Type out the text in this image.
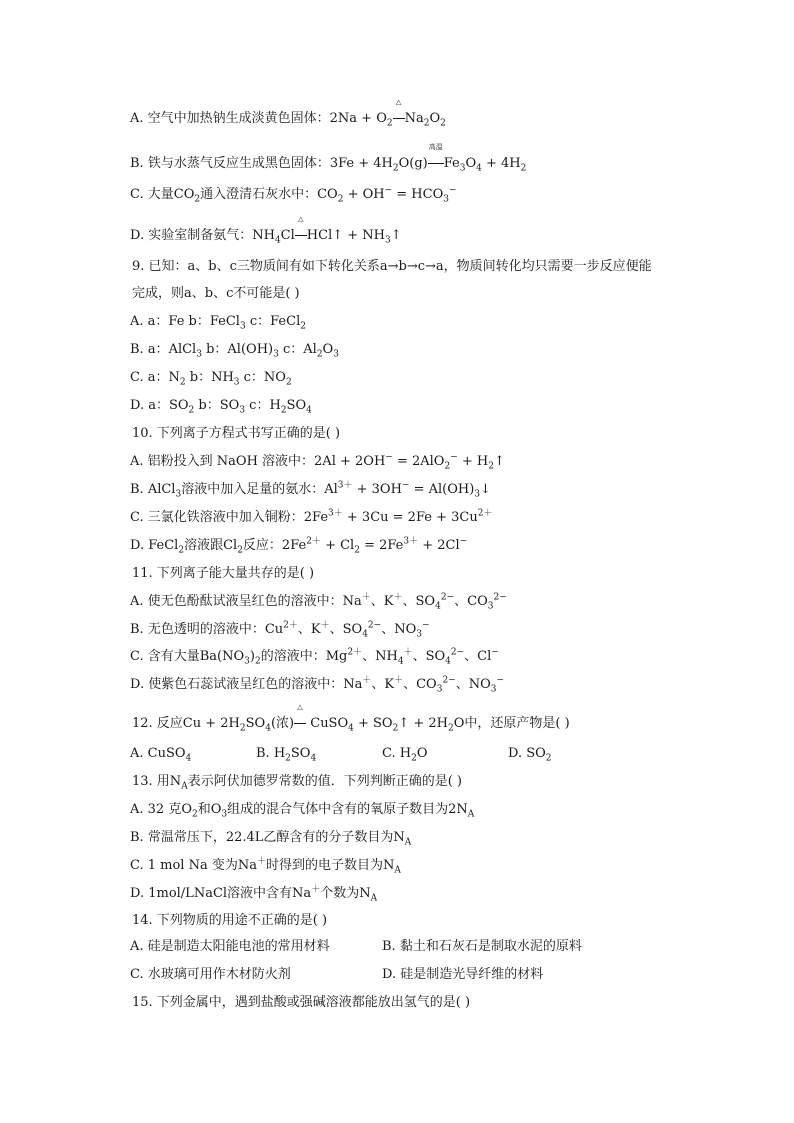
A. 空气中加热钠生成淡黄色固体：$2Na + O_2$
△
$Na_2O_2$
B. 铁与水蒸气反应生成黑色固体：$3Fe + 4H_2O(g)$
高温
$Fe_3O_4 + 4H_2$
C. 大量$CO_2$通入澄清石灰水中：$CO_2 + OH^- = HCO_3^-$
D. 实验室制备氨气：$NH_4Cl$
△
HCl↑ + $NH_3↑$
9. 已知：a、b、c三物质间有如下转化关系a→b→c→a，物质间转化均只需要一步反应便能
完成，则a、b、c不可能是( )
A. a：Fe b：FeCl$_3$ c：FeCl$_2$
B. a：AlCl$_3$ b：$Al(OH)_3$ c：$Al_2O_3$
C. a：$N_2$ b：$NH_3$ c：$NO_2$
D. a：$SO_2$ b：$SO_3$ c：$H_2SO_4$
10. 下列离子方程式书写正确的是( )
A. 铝粉投入到 NaOH 溶液中：$2Al + 2OH^- = 2AlO_2^- + H_2↑$
B. AlCl$_3$溶液中加入足量的氨水：$Al^{3+} + 3OH^-$ = $Al(OH)_3↓$
C. 三氯化铁溶液中加入铜粉：$2Fe^{3+} + 3Cu = 2Fe + 3Cu^{2+}$
D. FeCl$_2$溶液跟$Cl_2$反应：$2Fe^{2+} + Cl_2 = 2Fe^{3+} + 2Cl^-$
11. 下列离子能大量共存的是( )
A. 使无色酚酞试液呈红色的溶液中：Na＋、K＋、$SO_4^{2-}$、$CO_3^{2-}$
B. 无色透明的溶液中：$Cu^{2+}$、K＋、$SO_4^{2-}$、$NO_3^-$
C. 含有大量$Ba(NO_3)_2$的溶液中：$Mg^{2+}$、$NH_4^+$、$SO_4^{2-}$、Cl−
D. 使紫色石蕊试液呈红色的溶液中：Na＋、K＋、$CO_3^{2-}$、$NO_3^-$
12. 反应$Cu + 2H_2SO_4$(浓)
△
CuSO$_4$ + $SO_2↑ + 2H_2O$中，还原产物是( )
A. CuSO$_4$	B. $H_2SO_4$	C. $H_2O$	D. $SO_2$
13. 用$N_A$表示阿伏加德罗常数的值．下列判断正确的是( )
A. 32 克$O_2$和$O_3$组成的混合气体中含有的氧原子数目为$2N_A$
B. 常温常压下，22.4L乙醇含有的分子数目为$N_A$
C. 1 mol Na 变为Na＋时得到的电子数目为$N_A$
D. 1mol/LNaCl溶液中含有Na＋个数为$N_A$
14. 下列物质的用途不正确的是( )
A. 硅是制造太阳能电池的常用材料	B. 黏土和石灰石是制取水泥的原料
C. 水玻璃可用作木材防火剂	D. 硅是制造光导纤维的材料
15. 下列金属中，遇到盐酸或强碱溶液都能放出氢气的是( )
